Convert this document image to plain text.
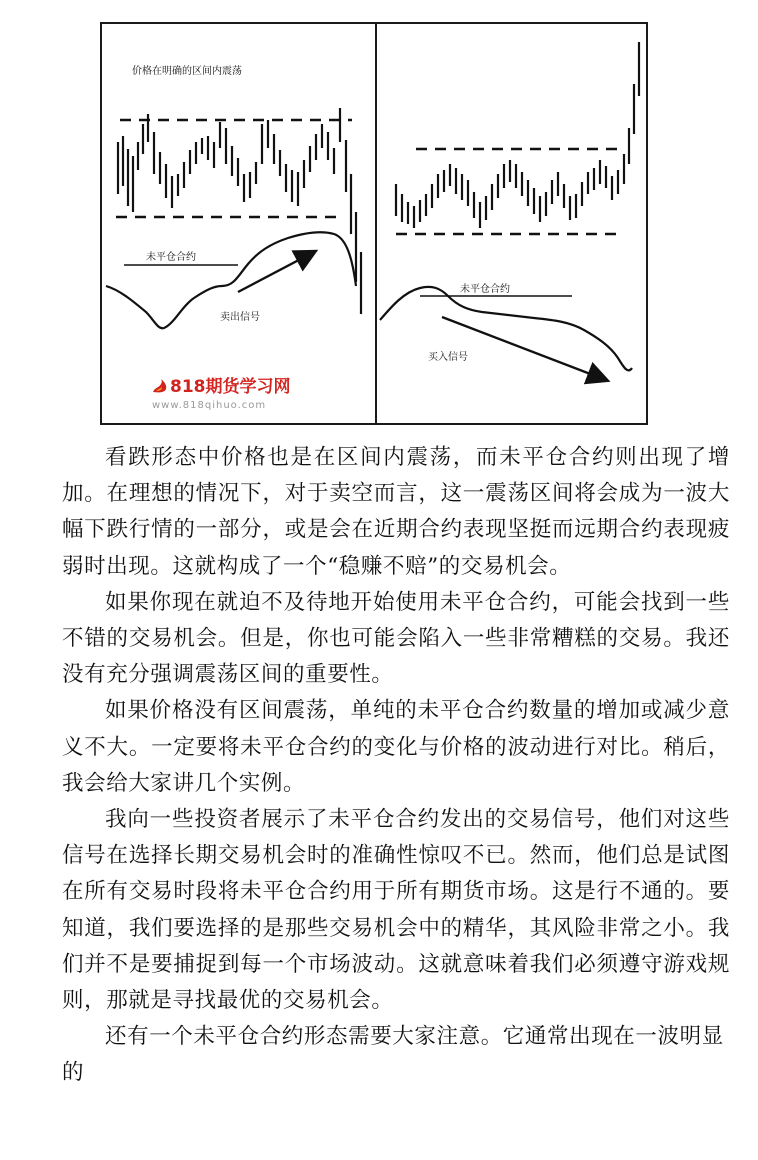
价格在明确的区间内震荡
未平仓合约
卖出信号
未平仓合约
买入信号
818期货学习网
www.818qihuo.com

看跌形态中价格也是在区间内震荡，而未平仓合约则出现了增加。在理想的情况下，对于卖空而言，这一震荡区间将会成为一波大幅下跌行情的一部分，或是会在近期合约表现坚挺而远期合约表现疲弱时出现。这就构成了一个“稳赚不赔”的交易机会。

如果你现在就迫不及待地开始使用未平仓合约，可能会找到一些不错的交易机会。但是，你也可能会陷入一些非常糟糕的交易。我还没有充分强调震荡区间的重要性。

如果价格没有区间震荡，单纯的未平仓合约数量的增加或减少意义不大。一定要将未平仓合约的变化与价格的波动进行对比。稍后，我会给大家讲几个实例。

我向一些投资者展示了未平仓合约发出的交易信号，他们对这些信号在选择长期交易机会时的准确性惊叹不已。然而，他们总是试图在所有交易时段将未平仓合约用于所有期货市场。这是行不通的。要知道，我们要选择的是那些交易机会中的精华，其风险非常之小。我们并不是要捕捉到每一个市场波动。这就意味着我们必须遵守游戏规则，那就是寻找最优的交易机会。

还有一个未平仓合约形态需要大家注意。它通常出现在一波明显的
